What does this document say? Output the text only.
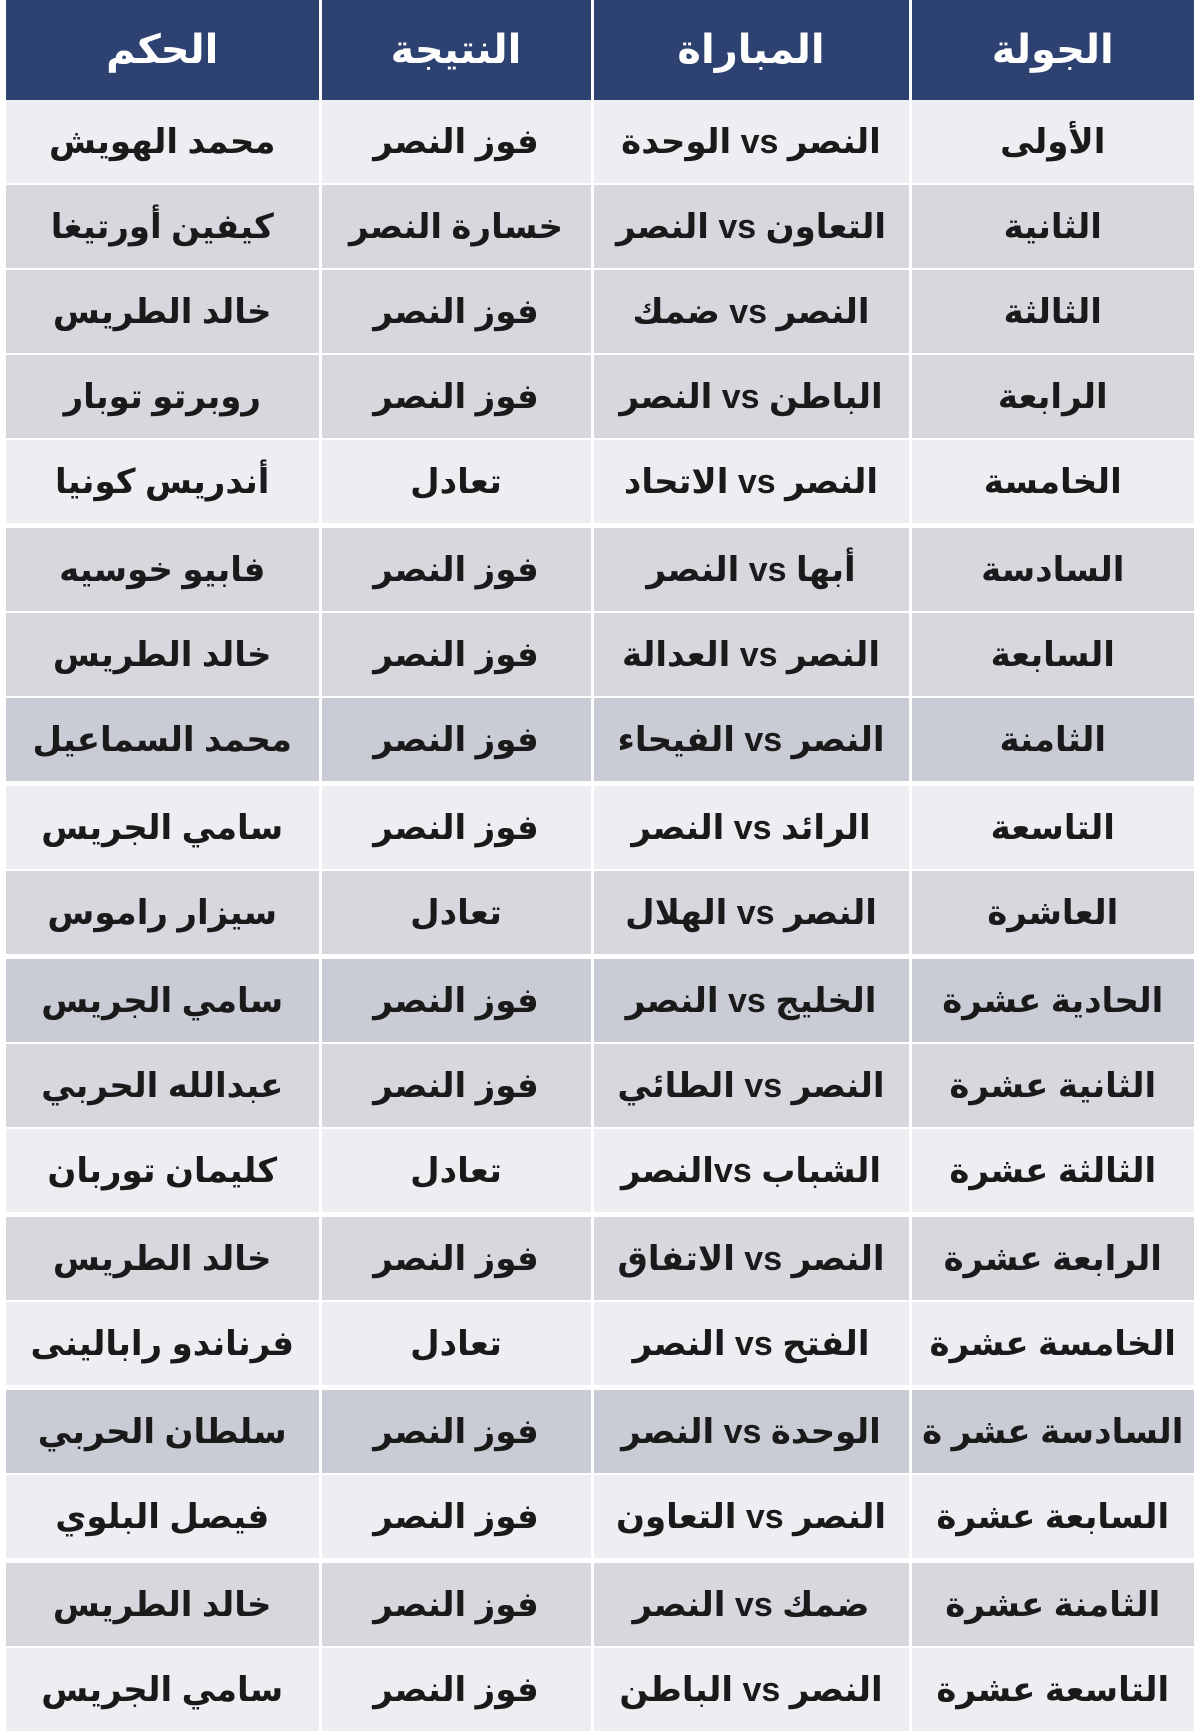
الجولة	المباراة	النتيجة	الحكم
الأولى	النصر vs الوحدة	فوز النصر	محمد الهويش
الثانية	التعاون vs النصر	خسارة النصر	كيفين أورتيغا
الثالثة	النصر vs ضمك	فوز النصر	خالد الطريس
الرابعة	الباطن vs النصر	فوز النصر	روبرتو توبار
الخامسة	النصر vs الاتحاد	تعادل	أندريس كونيا
السادسة	أبها vs النصر	فوز النصر	فابيو خوسيه
السابعة	النصر vs العدالة	فوز النصر	خالد الطريس
الثامنة	النصر vs الفيحاء	فوز النصر	محمد السماعيل
التاسعة	الرائد vs النصر	فوز النصر	سامي الجريس
العاشرة	النصر vs الهلال	تعادل	سيزار راموس
الحادية عشرة	الخليج vs النصر	فوز النصر	سامي الجريس
الثانية عشرة	النصر vs الطائي	فوز النصر	عبدالله الحربي
الثالثة عشرة	الشباب vsالنصر	تعادل	كليمان توربان
الرابعة عشرة	النصر vs الاتفاق	فوز النصر	خالد الطريس
الخامسة عشرة	الفتح vs النصر	تعادل	فرناندو رابالينى
السادسة عشر ة	الوحدة vs النصر	فوز النصر	سلطان الحربي
السابعة عشرة	النصر vs التعاون	فوز النصر	فيصل البلوي
الثامنة عشرة	ضمك vs النصر	فوز النصر	خالد الطريس
التاسعة عشرة	النصر vs الباطن	فوز النصر	سامي الجريس
